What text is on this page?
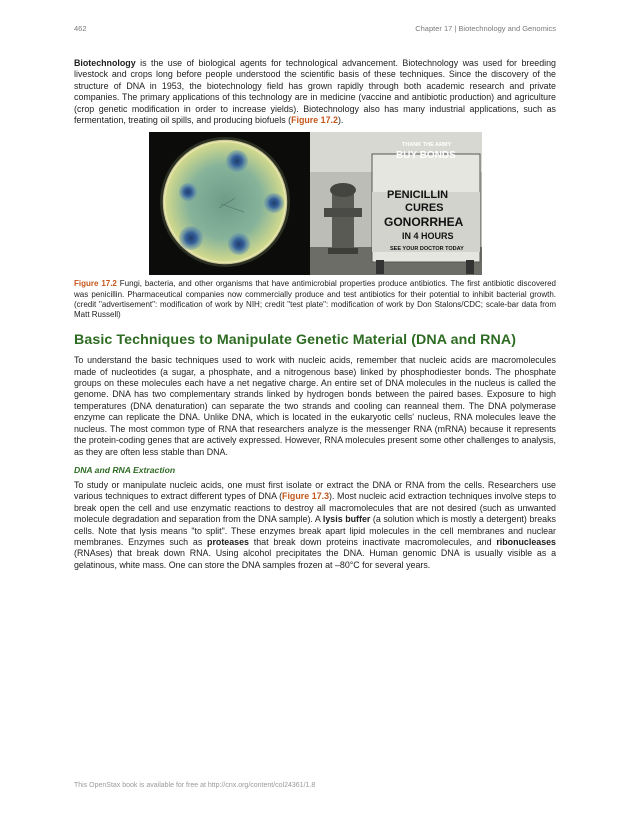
462	Chapter 17 | Biotechnology and Genomics

Biotechnology is the use of biological agents for technological advancement. Biotechnology was used for breeding livestock and crops long before people understood the scientific basis of these techniques. Since the discovery of the structure of DNA in 1953, the biotechnology field has grown rapidly through both academic research and private companies. The primary applications of this technology are in medicine (vaccine and antibiotic production) and agriculture (crop genetic modification in order to increase yields). Biotechnology also has many industrial applications, such as fermentation, treating oil spills, and producing biofuels (Figure 17.2).

THANK THE ARMY
BUY BONDS
PENICILLIN
CURES
GONORRHEA
IN 4 HOURS
SEE YOUR DOCTOR TODAY

Figure 17.2 Fungi, bacteria, and other organisms that have antimicrobial properties produce antibiotics. The first antibiotic discovered was penicillin. Pharmaceutical companies now commercially produce and test antibiotics for their potential to inhibit bacterial growth. (credit "advertisement": modification of work by NIH; credit "test plate": modification of work by Don Stalons/CDC; scale-bar data from Matt Russell)

Basic Techniques to Manipulate Genetic Material (DNA and RNA)

To understand the basic techniques used to work with nucleic acids, remember that nucleic acids are macromolecules made of nucleotides (a sugar, a phosphate, and a nitrogenous base) linked by phosphodiester bonds. The phosphate groups on these molecules each have a net negative charge. An entire set of DNA molecules in the nucleus is called the genome. DNA has two complementary strands linked by hydrogen bonds between the paired bases. Exposure to high temperatures (DNA denaturation) can separate the two strands and cooling can reanneal them. The DNA polymerase enzyme can replicate the DNA. Unlike DNA, which is located in the eukaryotic cells' nucleus, RNA molecules leave the nucleus. The most common type of RNA that researchers analyze is the messenger RNA (mRNA) because it represents the protein-coding genes that are actively expressed. However, RNA molecules present some other challenges to analysis, as they are often less stable than DNA.

DNA and RNA Extraction

To study or manipulate nucleic acids, one must first isolate or extract the DNA or RNA from the cells. Researchers use various techniques to extract different types of DNA (Figure 17.3). Most nucleic acid extraction techniques involve steps to break open the cell and use enzymatic reactions to destroy all macromolecules that are not desired (such as unwanted molecule degradation and separation from the DNA sample). A lysis buffer (a solution which is mostly a detergent) breaks cells. Note that lysis means "to split". These enzymes break apart lipid molecules in the cell membranes and nuclear membranes. Enzymes such as proteases that break down proteins inactivate macromolecules, and ribonucleases (RNAses) that break down RNA. Using alcohol precipitates the DNA. Human genomic DNA is usually visible as a gelatinous, white mass. One can store the DNA samples frozen at –80°C for several years.

This OpenStax book is available for free at http://cnx.org/content/col24361/1.8
